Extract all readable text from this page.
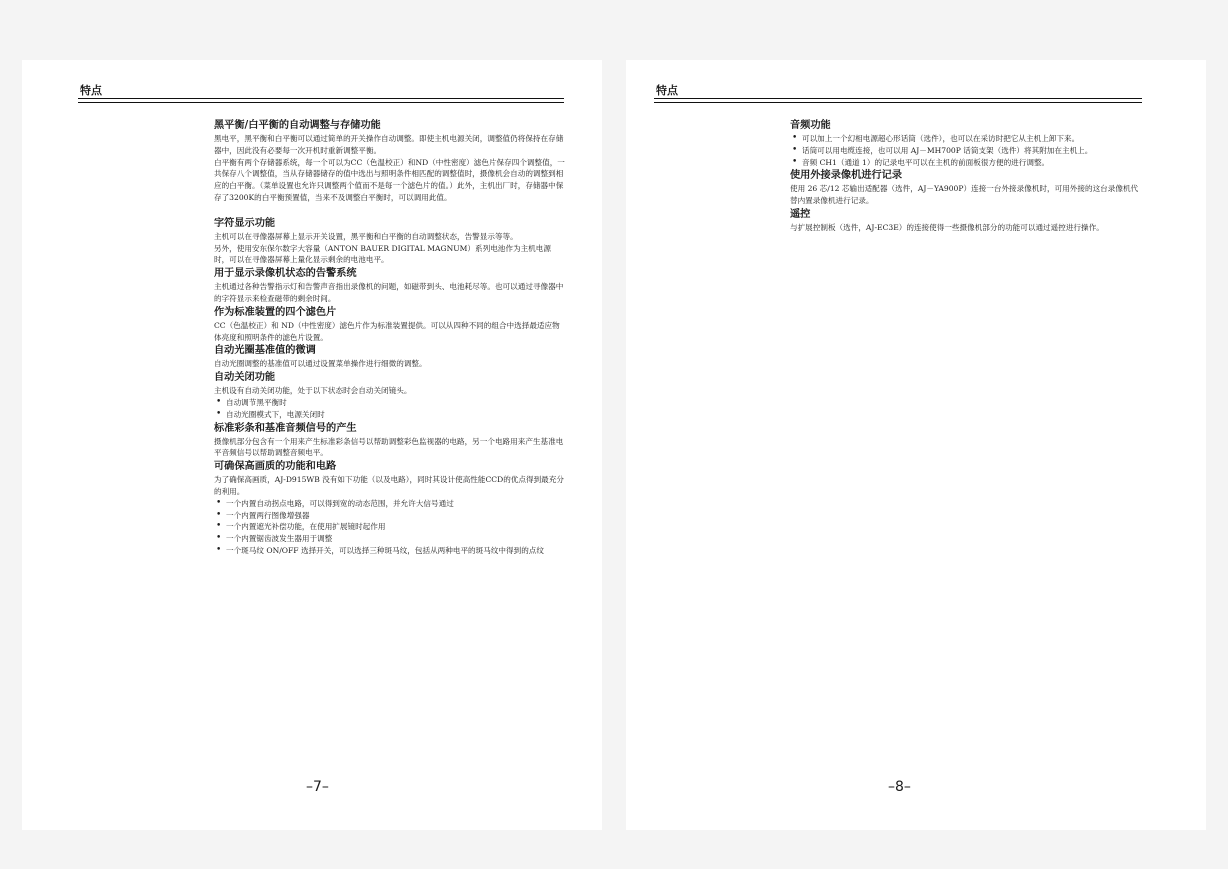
特点
黑平衡/白平衡的自动调整与存储功能
黑电平，黑平衡和白平衡可以通过简单的开关操作自动调整。即使主机电源关闭，调整值仍将保持在存储器中，因此没有必要每一次开机时重新调整平衡。
白平衡有两个存储器系统，每一个可以为CC（色温校正）和ND（中性密度）滤色片保存四个调整值，一共保存八个调整值，当从存储器储存的值中选出与照明条件相匹配的调整值时，摄像机会自动的调整到相应的白平衡。（菜单设置也允许只调整两个值而不是每一个滤色片的值。）此外，主机出厂时，存储器中保存了3200K的白平衡预置值，当来不及调整白平衡时，可以调用此值。
字符显示功能
主机可以在寻像器屏幕上显示开关设置，黑平衡和白平衡的自动调整状态，告警显示等等。
另外，使用安东保尔数字大容量（ANTON BAUER DIGITAL MAGNUM）系列电池作为主机电源时，可以在寻像器屏幕上量化显示剩余的电池电平。
用于显示录像机状态的告警系统
主机通过各种告警指示灯和告警声音指出录像机的问题，如磁带到头、电池耗尽等。也可以通过寻像器中的字符显示来检查磁带的剩余时间。
作为标准装置的四个滤色片
CC（色温校正）和 ND（中性密度）滤色片作为标准装置提供。可以从四种不同的组合中选择最适应物体亮度和照明条件的滤色片设置。
自动光圈基准值的微调
自动光圈调整的基准值可以通过设置菜单操作进行细微的调整。
自动关闭功能
主机设有自动关闭功能，处于以下状态时会自动关闭镜头。
• 自动调节黑平衡时
• 自动光圈模式下，电源关闭时
标准彩条和基准音频信号的产生
摄像机部分包含有一个用来产生标准彩条信号以帮助调整彩色监视器的电路，另一个电路用来产生基准电平音频信号以帮助调整音频电平。
可确保高画质的功能和电路
为了确保高画质，AJ-D915WB 没有如下功能（以及电路），同时其设计使高性能CCD的优点得到最充分的利用。
• 一个内置自动拐点电路，可以得到宽的动态范围，并允许大信号通过
• 一个内置两行图像增强器
• 一个内置遮光补偿功能，在使用扩展镜时起作用
• 一个内置锯齿波发生器用于调整
• 一个斑马纹 ON/OFF 选择开关，可以选择三种斑马纹，包括从两种电平的斑马纹中得到的点纹
–7–
特点
音频功能
• 可以加上一个幻相电源超心形话筒（选件），也可以在采访时把它从主机上卸下来。
• 话筒可以用电缆连接，也可以用 AJ－MH700P 话筒支架（选件）将其附加在主机上。
• 音频 CH1（通道 1）的记录电平可以在主机的前面板很方便的进行调整。
使用外接录像机进行记录
使用 26 芯/12 芯输出适配器（选件，AJ－YA900P）连接一台外接录像机时，可用外接的这台录像机代替内置录像机进行记录。
遥控
与扩展控制板（选件，AJ-EC3E）的连接使得一些摄像机部分的功能可以通过遥控进行操作。
–8–
